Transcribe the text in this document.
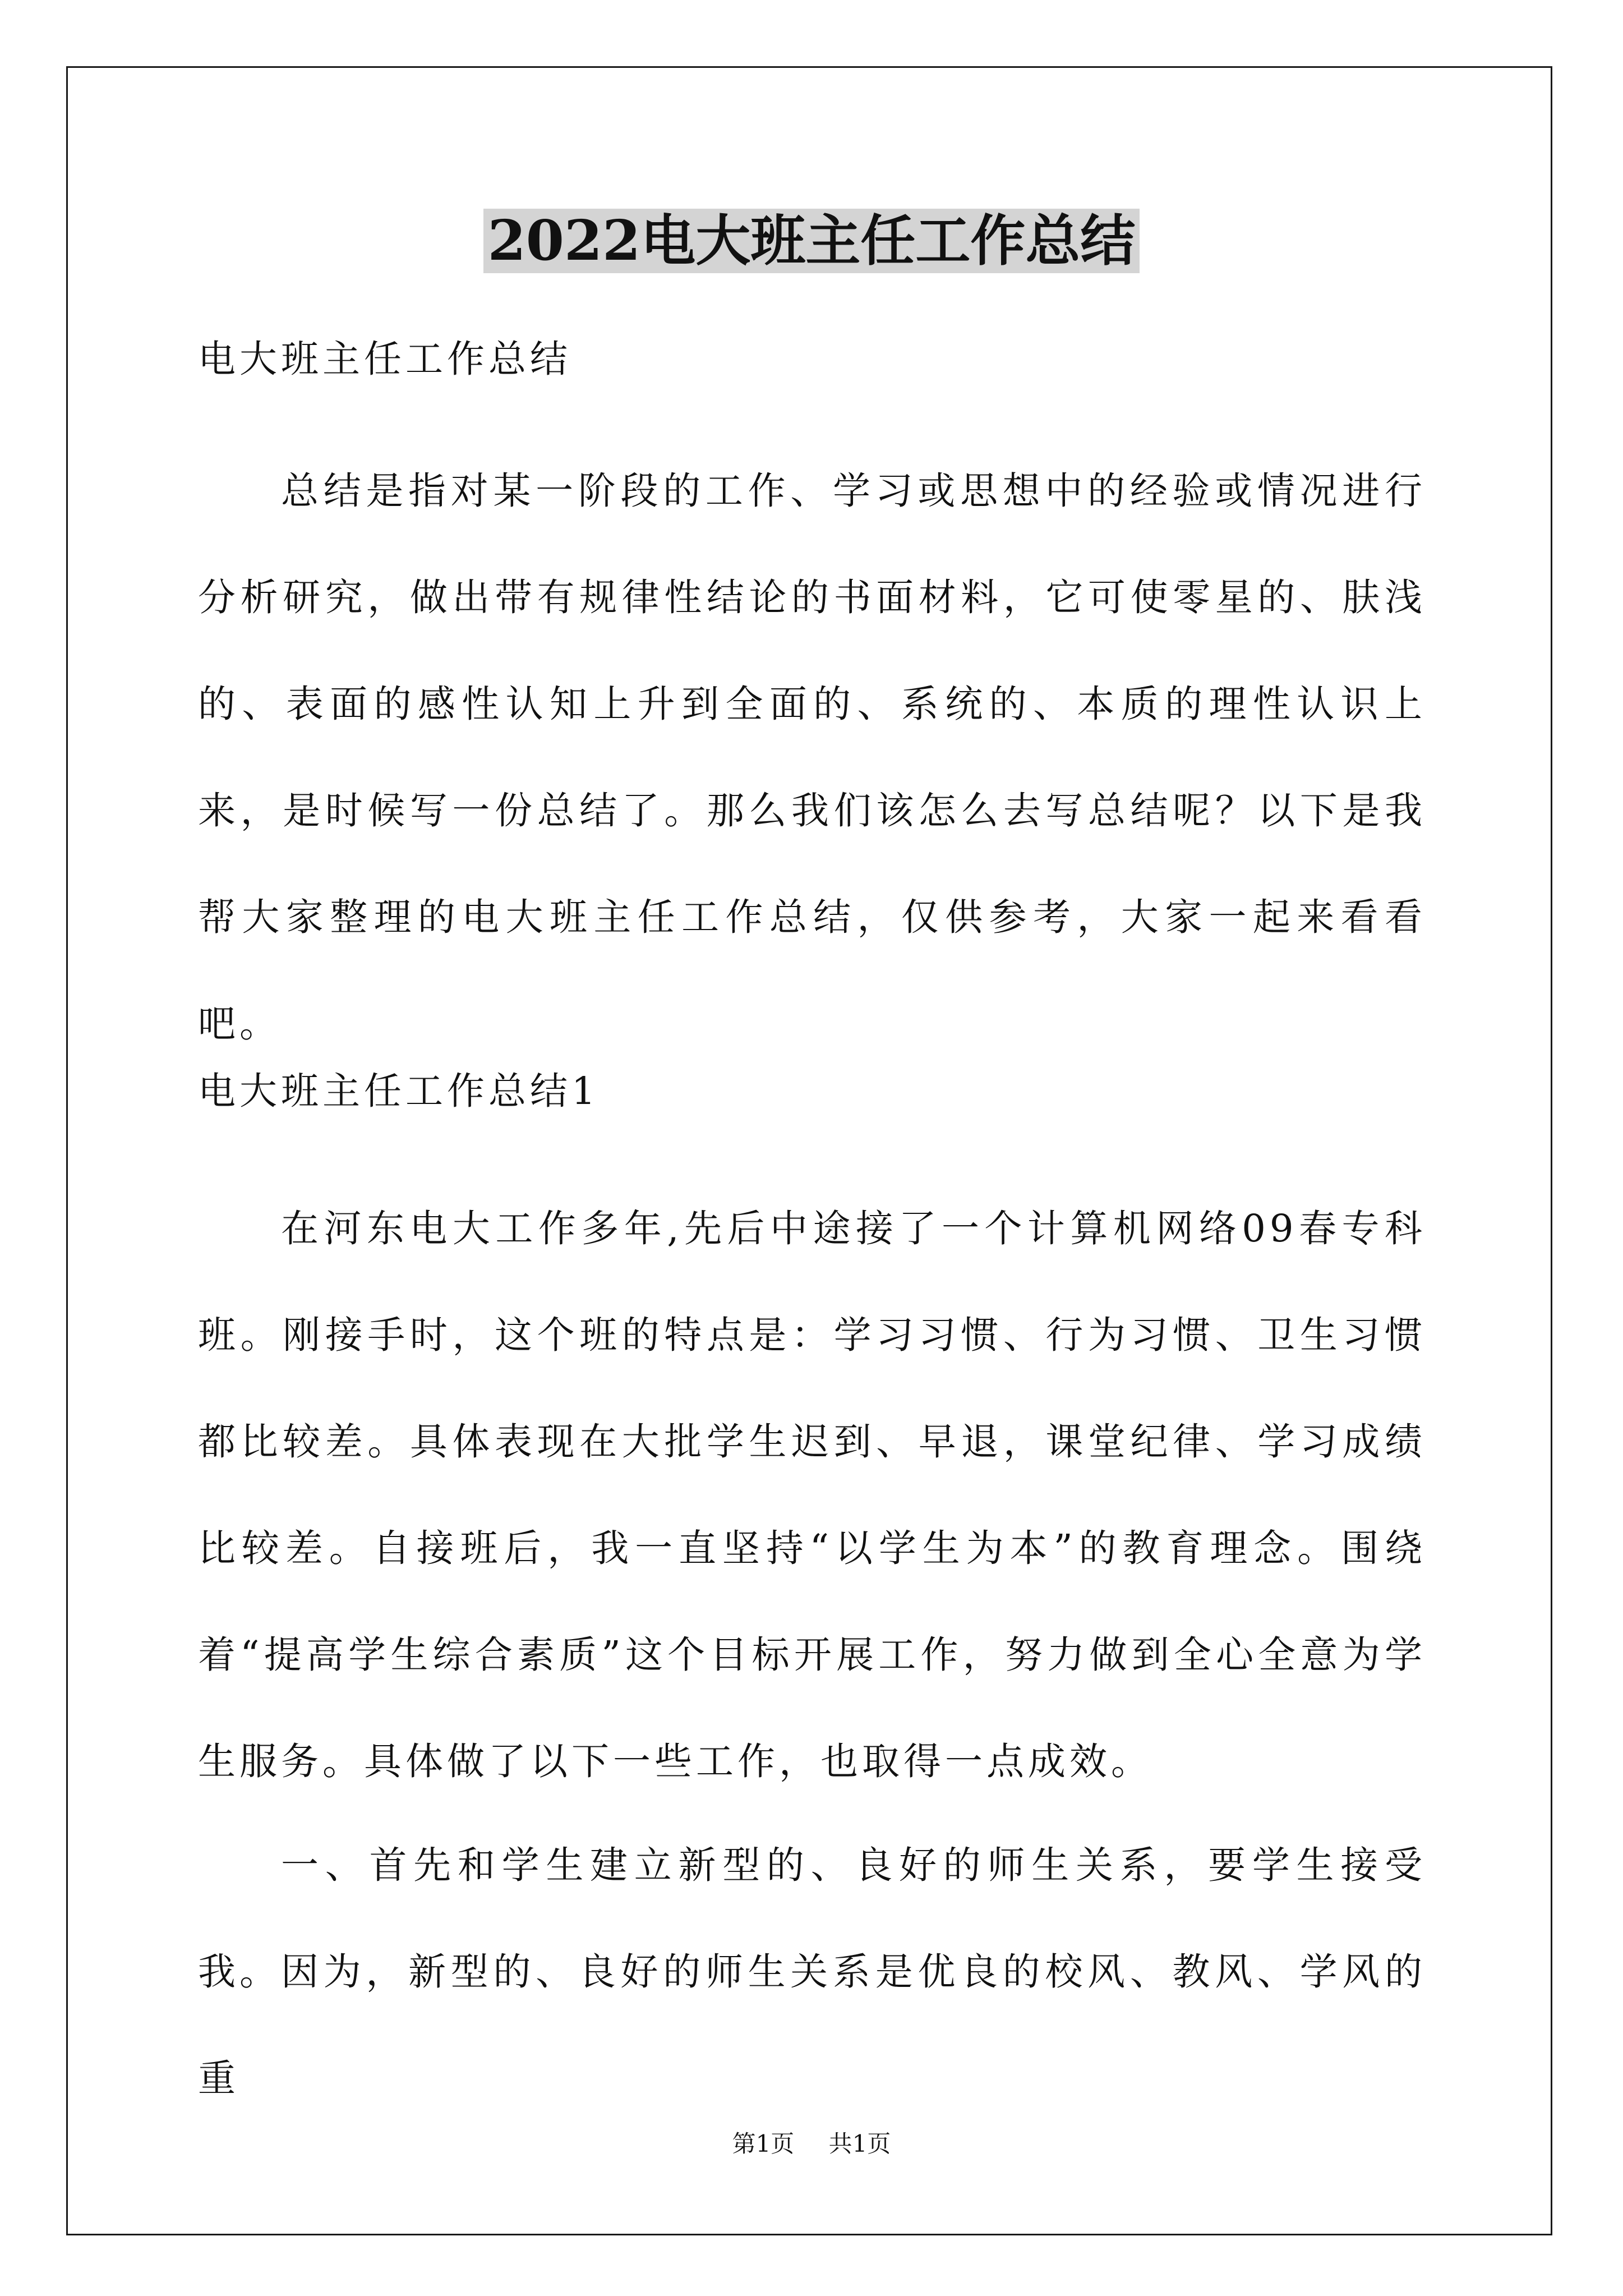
2022电大班主任工作总结

电大班主任工作总结

总结是指对某一阶段的工作、学习或思想中的经验或情况进行分析研究，做出带有规律性结论的书面材料，它可使零星的、肤浅的、表面的感性认知上升到全面的、系统的、本质的理性认识上来，是时候写一份总结了。那么我们该怎么去写总结呢？以下是我帮大家整理的电大班主任工作总结，仅供参考，大家一起来看看吧。

电大班主任工作总结1

在河东电大工作多年,先后中途接了一个计算机网络09春专科班。刚接手时，这个班的特点是：学习习惯、行为习惯、卫生习惯都比较差。具体表现在大批学生迟到、早退，课堂纪律、学习成绩比较差。自接班后，我一直坚持“以学生为本”的教育理念。围绕着“提高学生综合素质”这个目标开展工作，努力做到全心全意为学生服务。具体做了以下一些工作，也取得一点成效。

一、首先和学生建立新型的、良好的师生关系，要学生接受我。 因为，新型的、良好的师生关系是优良的校风、教风、学风的重

第1页 共1页
